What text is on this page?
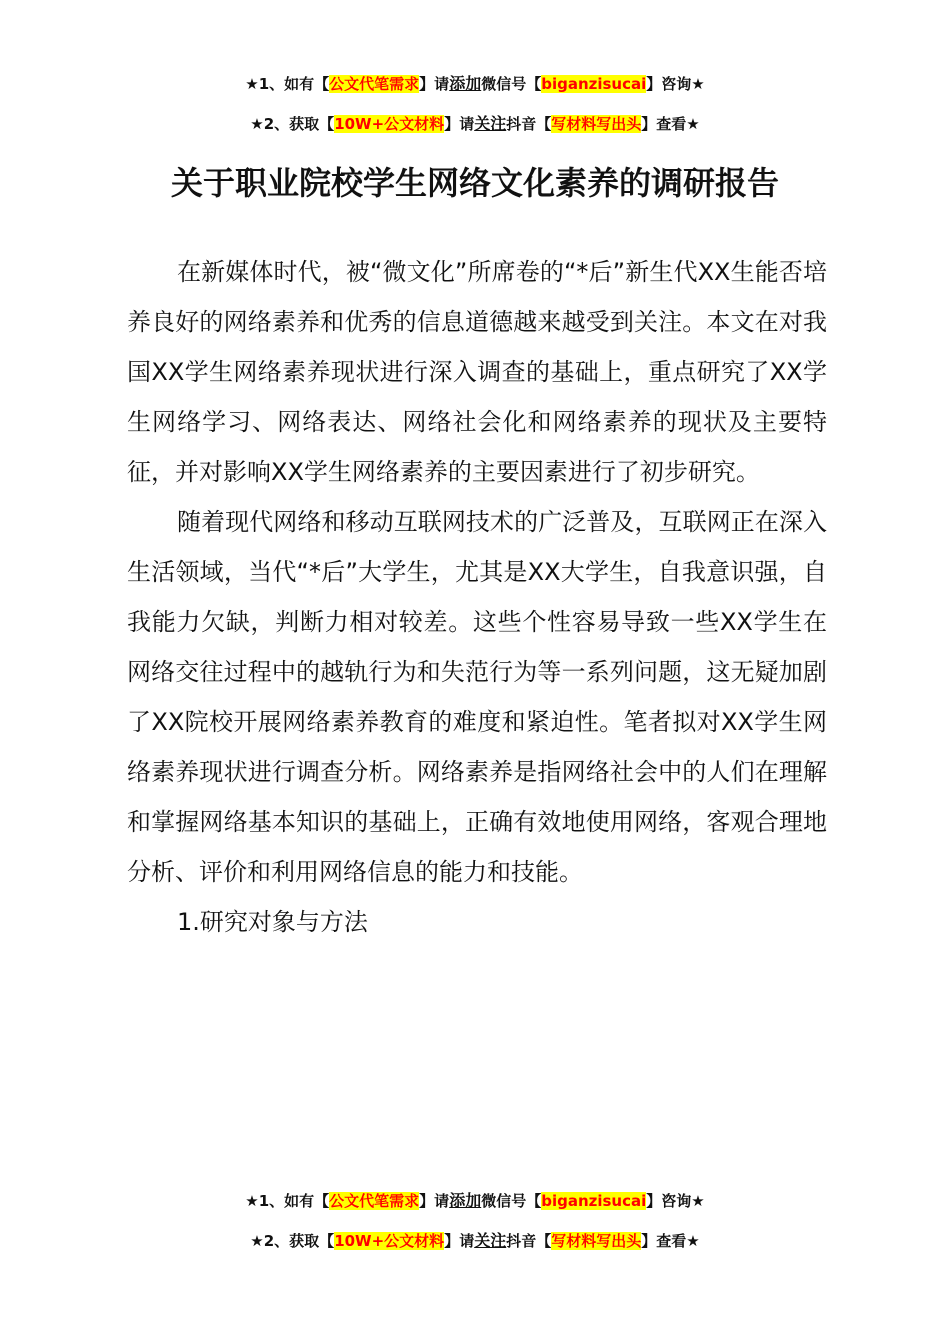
★1、如有【公文代笔需求】请添加微信号【biganzisucai】咨询★
★2、获取【10W+公文材料】请关注抖音【写材料写出头】查看★
关于职业院校学生网络文化素养的调研报告

在新媒体时代，被“微文化”所席卷的“*后”新生代XX生能否培养良好的网络素养和优秀的信息道德越来越受到关注。本文在对我国XX学生网络素养现状进行深入调查的基础上，重点研究了XX学生网络学习、网络表达、网络社会化和网络素养的现状及主要特征，并对影响XX学生网络素养的主要因素进行了初步研究。

随着现代网络和移动互联网技术的广泛普及，互联网正在深入生活领域，当代“*后”大学生，尤其是XX大学生，自我意识强，自我能力欠缺，判断力相对较差。这些个性容易导致一些XX学生在网络交往过程中的越轨行为和失范行为等一系列问题，这无疑加剧了XX院校开展网络素养教育的难度和紧迫性。笔者拟对XX学生网络素养现状进行调查分析。网络素养是指网络社会中的人们在理解和掌握网络基本知识的基础上，正确有效地使用网络，客观合理地分析、评价和利用网络信息的能力和技能。

1.研究对象与方法

★1、如有【公文代笔需求】请添加微信号【biganzisucai】咨询★
★2、获取【10W+公文材料】请关注抖音【写材料写出头】查看★
